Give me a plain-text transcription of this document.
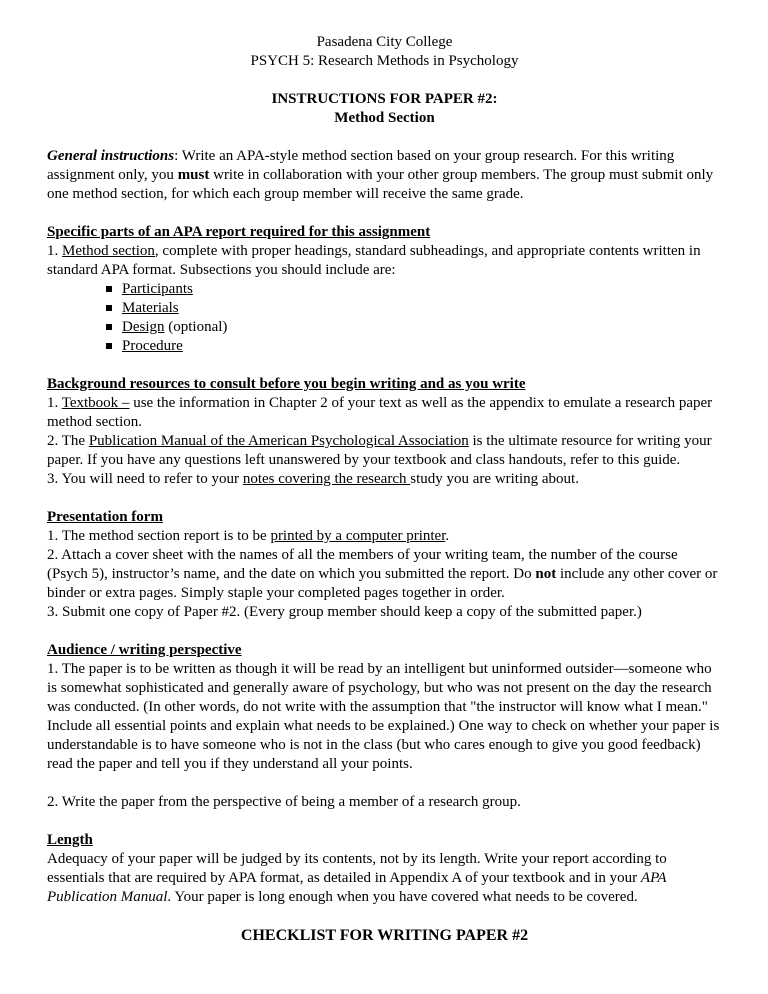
Pasadena City College

PSYCH 5: Research Methods in Psychology

INSTRUCTIONS FOR PAPER #2:

Method Section

General instructions: Write an APA-style method section based on your group research. For this writing assignment only, you must write in collaboration with your other group members. The group must submit only one method section, for which each group member will receive the same grade.

Specific parts of an APA report required for this assignment

1. Method section, complete with proper headings, standard subheadings, and appropriate contents written in standard APA format. Subsections you should include are:

Participants
Materials
Design (optional)
Procedure

Background resources to consult before you begin writing and as you write

1. Textbook – use the information in Chapter 2 of your text as well as the appendix to emulate a research paper method section.

2. The Publication Manual of the American Psychological Association is the ultimate resource for writing your paper. If you have any questions left unanswered by your textbook and class handouts, refer to this guide.

3. You will need to refer to your notes covering the research study you are writing about.

Presentation form

1. The method section report is to be printed by a computer printer.

2. Attach a cover sheet with the names of all the members of your writing team, the number of the course (Psych 5), instructor’s name, and the date on which you submitted the report. Do not include any other cover or binder or extra pages. Simply staple your completed pages together in order.

3. Submit one copy of Paper #2. (Every group member should keep a copy of the submitted paper.)

Audience / writing perspective

1. The paper is to be written as though it will be read by an intelligent but uninformed outsider—someone who is somewhat sophisticated and generally aware of psychology, but who was not present on the day the research was conducted. (In other words, do not write with the assumption that "the instructor will know what I mean." Include all essential points and explain what needs to be explained.) One way to check on whether your paper is understandable is to have someone who is not in the class (but who cares enough to give you good feedback) read the paper and tell you if they understand all your points.

2. Write the paper from the perspective of being a member of a research group.

Length

Adequacy of your paper will be judged by its contents, not by its length. Write your report according to essentials that are required by APA format, as detailed in Appendix A of your textbook and in your APA Publication Manual. Your paper is long enough when you have covered what needs to be covered.

CHECKLIST FOR WRITING PAPER #2
